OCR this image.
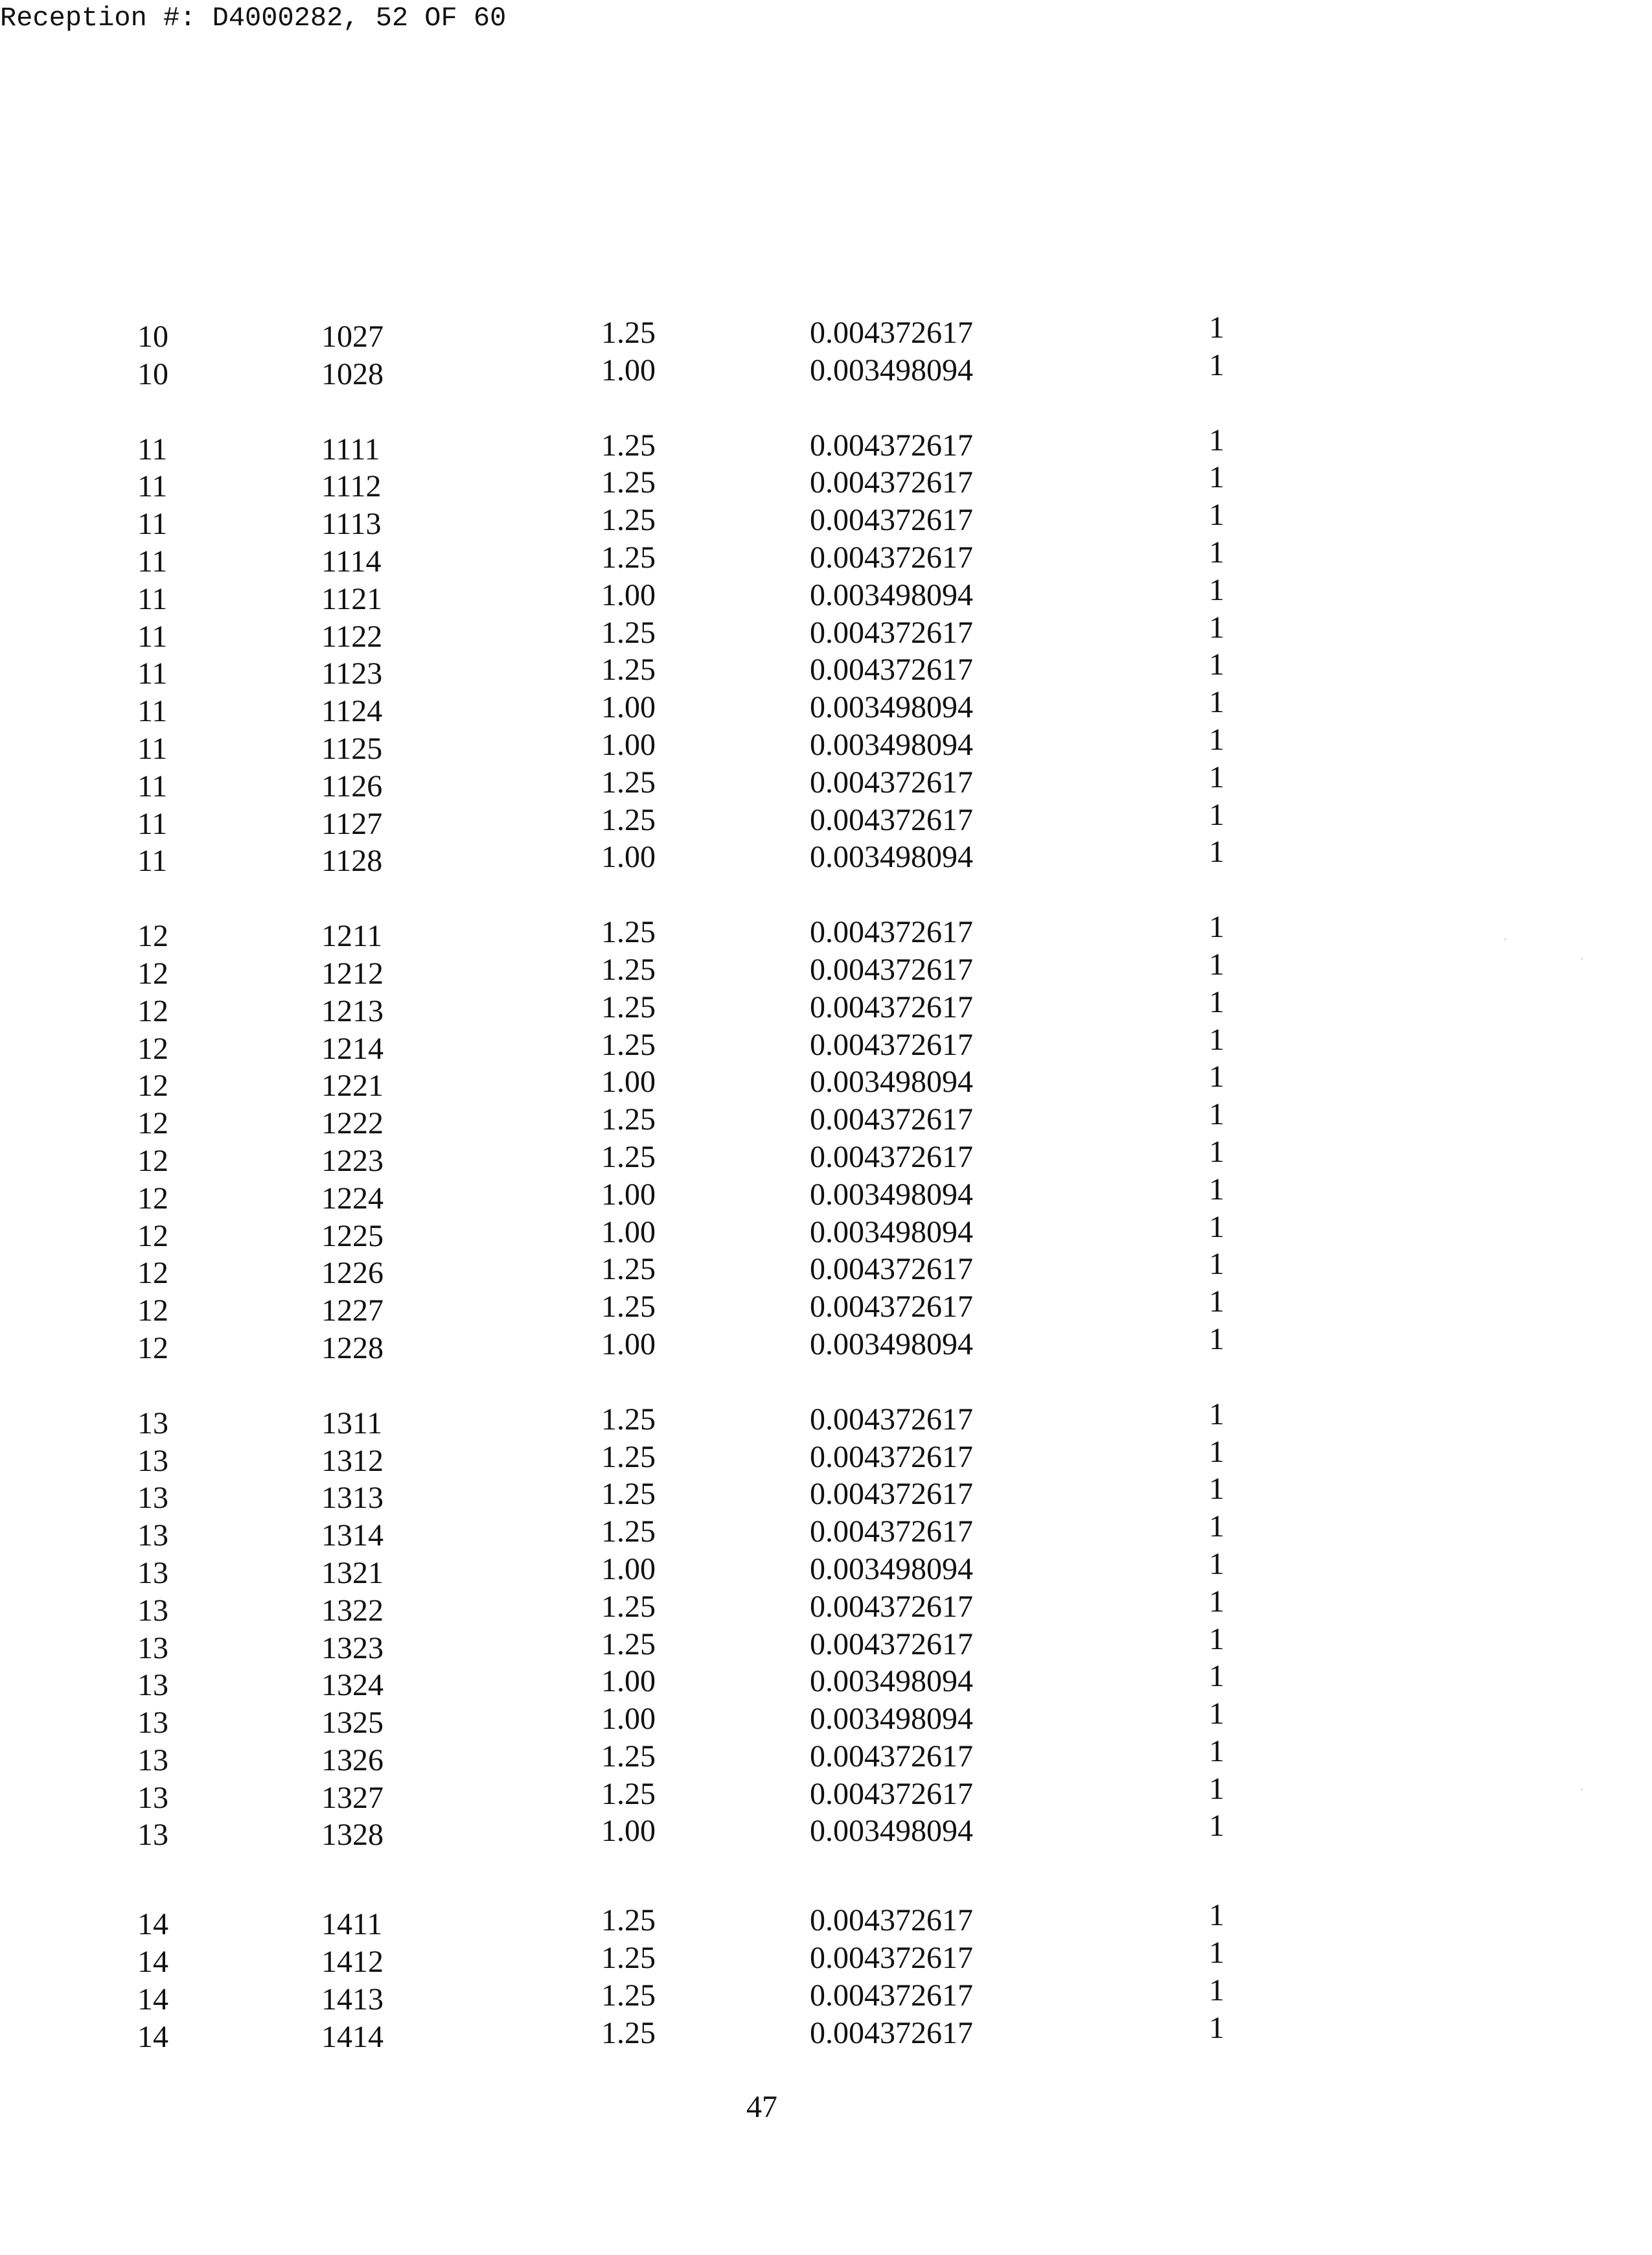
Reception #: D4000282, 52 OF 60
10	1027	1.25	0.004372617	1
10	1028	1.00	0.003498094	1
11	1111	1.25	0.004372617	1
11	1112	1.25	0.004372617	1
11	1113	1.25	0.004372617	1
11	1114	1.25	0.004372617	1
11	1121	1.00	0.003498094	1
11	1122	1.25	0.004372617	1
11	1123	1.25	0.004372617	1
11	1124	1.00	0.003498094	1
11	1125	1.00	0.003498094	1
11	1126	1.25	0.004372617	1
11	1127	1.25	0.004372617	1
11	1128	1.00	0.003498094	1
12	1211	1.25	0.004372617	1
12	1212	1.25	0.004372617	1
12	1213	1.25	0.004372617	1
12	1214	1.25	0.004372617	1
12	1221	1.00	0.003498094	1
12	1222	1.25	0.004372617	1
12	1223	1.25	0.004372617	1
12	1224	1.00	0.003498094	1
12	1225	1.00	0.003498094	1
12	1226	1.25	0.004372617	1
12	1227	1.25	0.004372617	1
12	1228	1.00	0.003498094	1
13	1311	1.25	0.004372617	1
13	1312	1.25	0.004372617	1
13	1313	1.25	0.004372617	1
13	1314	1.25	0.004372617	1
13	1321	1.00	0.003498094	1
13	1322	1.25	0.004372617	1
13	1323	1.25	0.004372617	1
13	1324	1.00	0.003498094	1
13	1325	1.00	0.003498094	1
13	1326	1.25	0.004372617	1
13	1327	1.25	0.004372617	1
13	1328	1.00	0.003498094	1
14	1411	1.25	0.004372617	1
14	1412	1.25	0.004372617	1
14	1413	1.25	0.004372617	1
14	1414	1.25	0.004372617	1
47
